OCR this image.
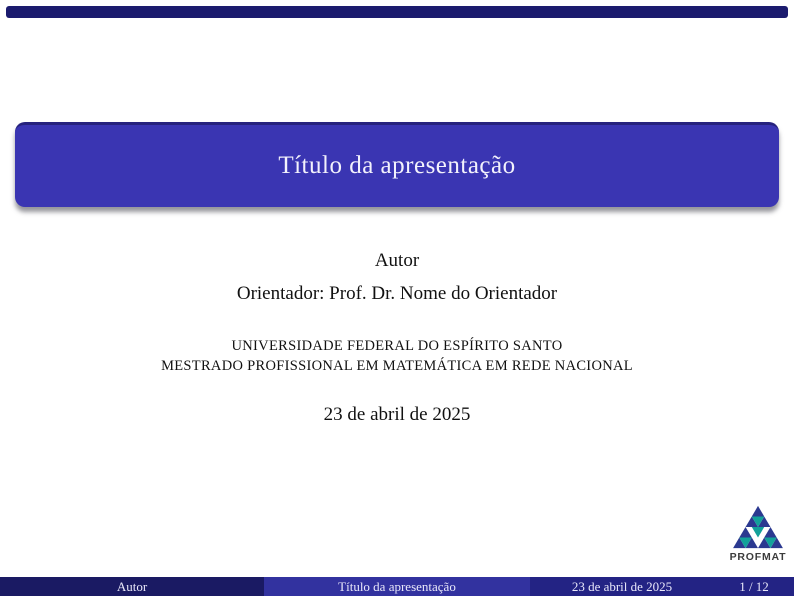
Título da apresentação
Autor
Orientador: Prof. Dr. Nome do Orientador
UNIVERSIDADE FEDERAL DO ESPÍRITO SANTO
MESTRADO PROFISSIONAL EM MATEMÁTICA EM REDE NACIONAL
23 de abril de 2025
PROFMAT
Autor	Título da apresentação	23 de abril de 2025	1 / 12
